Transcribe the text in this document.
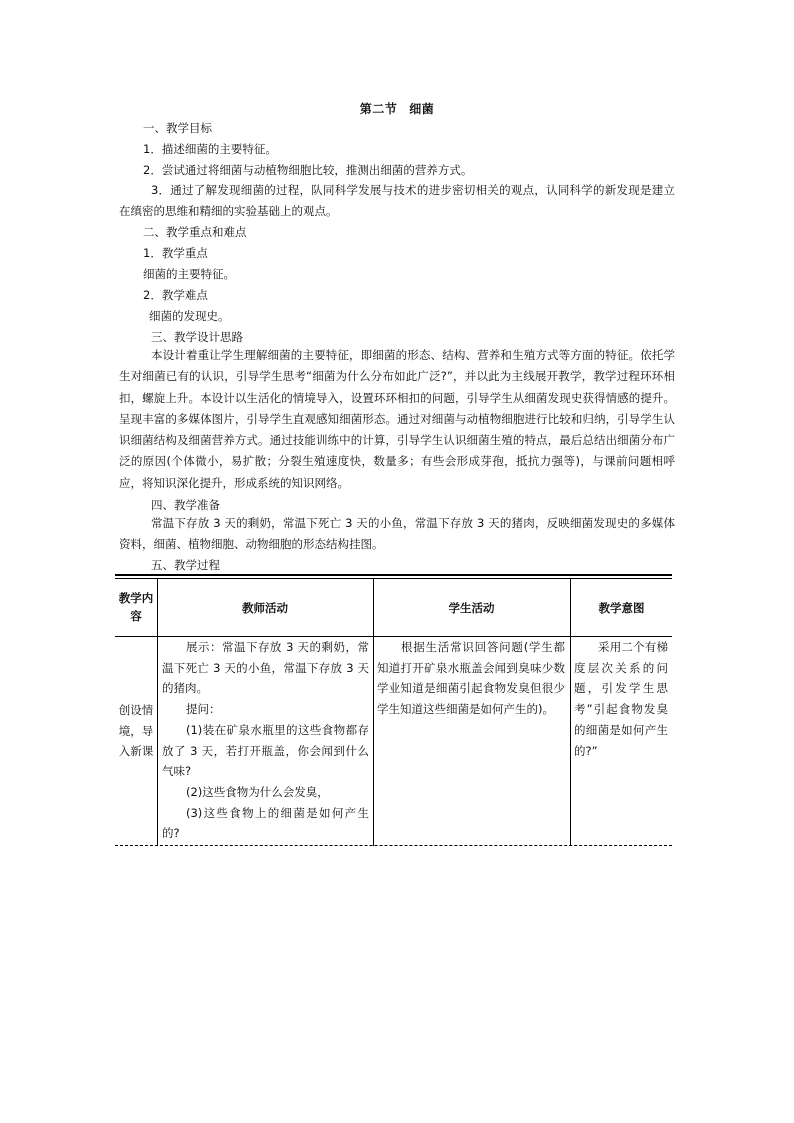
第二节 细菌
一、教学目标
1．描述细菌的主要特征。
2．尝试通过将细菌与动植物细胞比较，推测出细菌的营养方式。
3．通过了解发现细菌的过程，队同科学发展与技术的进步密切相关的观点，认同科学的新发现是建立在缜密的思维和精细的实验基础上的观点。
二、教学重点和难点
1．教学重点
细菌的主要特征。
2．教学难点
细菌的发现史。
三、教学设计思路
本设计着重让学生理解细菌的主要特征，即细菌的形态、结构、营养和生殖方式等方面的特征。依托学生对细菌已有的认识，引导学生思考“细菌为什么分布如此广泛?”，并以此为主线展开教学，教学过程环环相扣，螺旋上升。本设计以生活化的情境导入，设置环环相扣的问题，引导学生从细菌发现史获得情感的提升。呈现丰富的多媒体图片，引导学生直观感知细菌形态。通过对细菌与动植物细胞进行比较和归纳，引导学生认识细菌结构及细菌营养方式。通过技能训练中的计算，引导学生认识细菌生殖的特点，最后总结出细菌分布广泛的原因(个体微小，易扩散；分裂生殖速度快，数量多；有些会形成芽孢，抵抗力强等)，与课前问题相呼应，将知识深化提升，形成系统的知识网络。
四、教学准备
常温下存放 3 天的剩奶，常温下死亡 3 天的小鱼，常温下存放 3 天的猪肉，反映细菌发现史的多媒体资料，细菌、植物细胞、动物细胞的形态结构挂图。
五、教学过程
教学内容
教师活动	学生活动	教学意图
创设情境，导入新课
展示：常温下存放 3 天的剩奶，常温下死亡 3 天的小鱼，常温下存放 3 天的猪肉。
提问：
(1)装在矿泉水瓶里的这些食物都存放了 3 天，若打开瓶盖，你会闻到什么气味?
(2)这些食物为什么会发臭，
(3)这些食物上的细菌是如何产生的?
根据生活常识回答问题(学生都知道打开矿泉水瓶盖会闻到臭味少数学业知道是细菌引起食物发臭但很少学生知道这些细菌是如何产生的)。
采用二个有梯度层次关系的问题，引发学生思考”引起食物发臭的细菌是如何产生的?”
